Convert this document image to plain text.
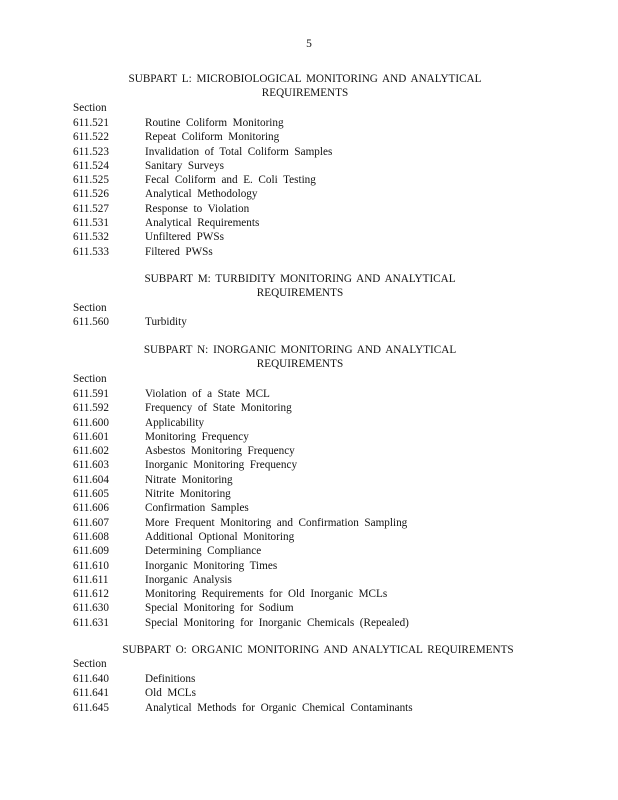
5
SUBPART L: MICROBIOLOGICAL MONITORING AND ANALYTICAL
REQUIREMENTS
Section
611.521	Routine Coliform Monitoring
611.522	Repeat Coliform Monitoring
611.523	Invalidation of Total Coliform Samples
611.524	Sanitary Surveys
611.525	Fecal Coliform and E. Coli Testing
611.526	Analytical Methodology
611.527	Response to Violation
611.531	Analytical Requirements
611.532	Unfiltered PWSs
611.533	Filtered PWSs
SUBPART M: TURBIDITY MONITORING AND ANALYTICAL
REQUIREMENTS
Section
611.560	Turbidity
SUBPART N: INORGANIC MONITORING AND ANALYTICAL
REQUIREMENTS
Section
611.591	Violation of a State MCL
611.592	Frequency of State Monitoring
611.600	Applicability
611.601	Monitoring Frequency
611.602	Asbestos Monitoring Frequency
611.603	Inorganic Monitoring Frequency
611.604	Nitrate Monitoring
611.605	Nitrite Monitoring
611.606	Confirmation Samples
611.607	More Frequent Monitoring and Confirmation Sampling
611.608	Additional Optional Monitoring
611.609	Determining Compliance
611.610	Inorganic Monitoring Times
611.611	Inorganic Analysis
611.612	Monitoring Requirements for Old Inorganic MCLs
611.630	Special Monitoring for Sodium
611.631	Special Monitoring for Inorganic Chemicals (Repealed)
SUBPART O: ORGANIC MONITORING AND ANALYTICAL REQUIREMENTS
Section
611.640	Definitions
611.641	Old MCLs
611.645	Analytical Methods for Organic Chemical Contaminants
